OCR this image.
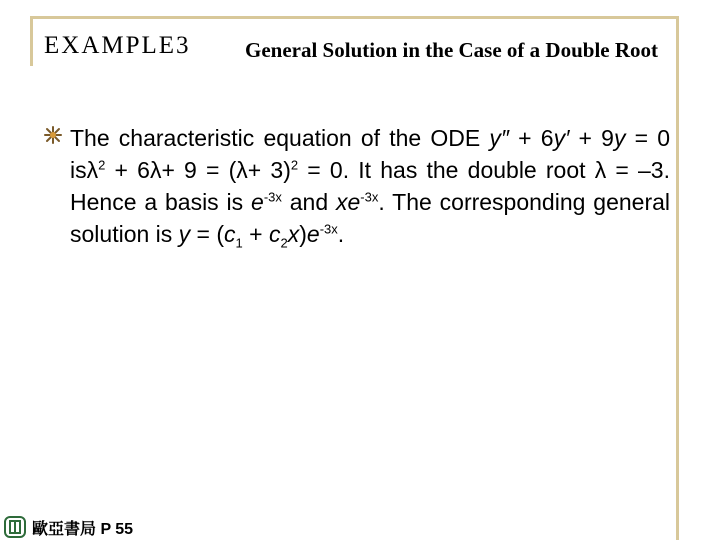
EXAMPLE3	General Solution in the Case of a Double Root
The characteristic equation of the ODE y″ + 6y′ + 9y = 0 $is\lambda^2 + 6\lambda+ 9 = (\lambda+ 3)^2 = 0$. It has the double root λ = –3. Hence a basis is $e^{-3x}$ and $xe^{-3x}$. The corresponding general solution is $y = (c_1 + c_2x)e^{-3x}$.
歐亞書局 P 55
